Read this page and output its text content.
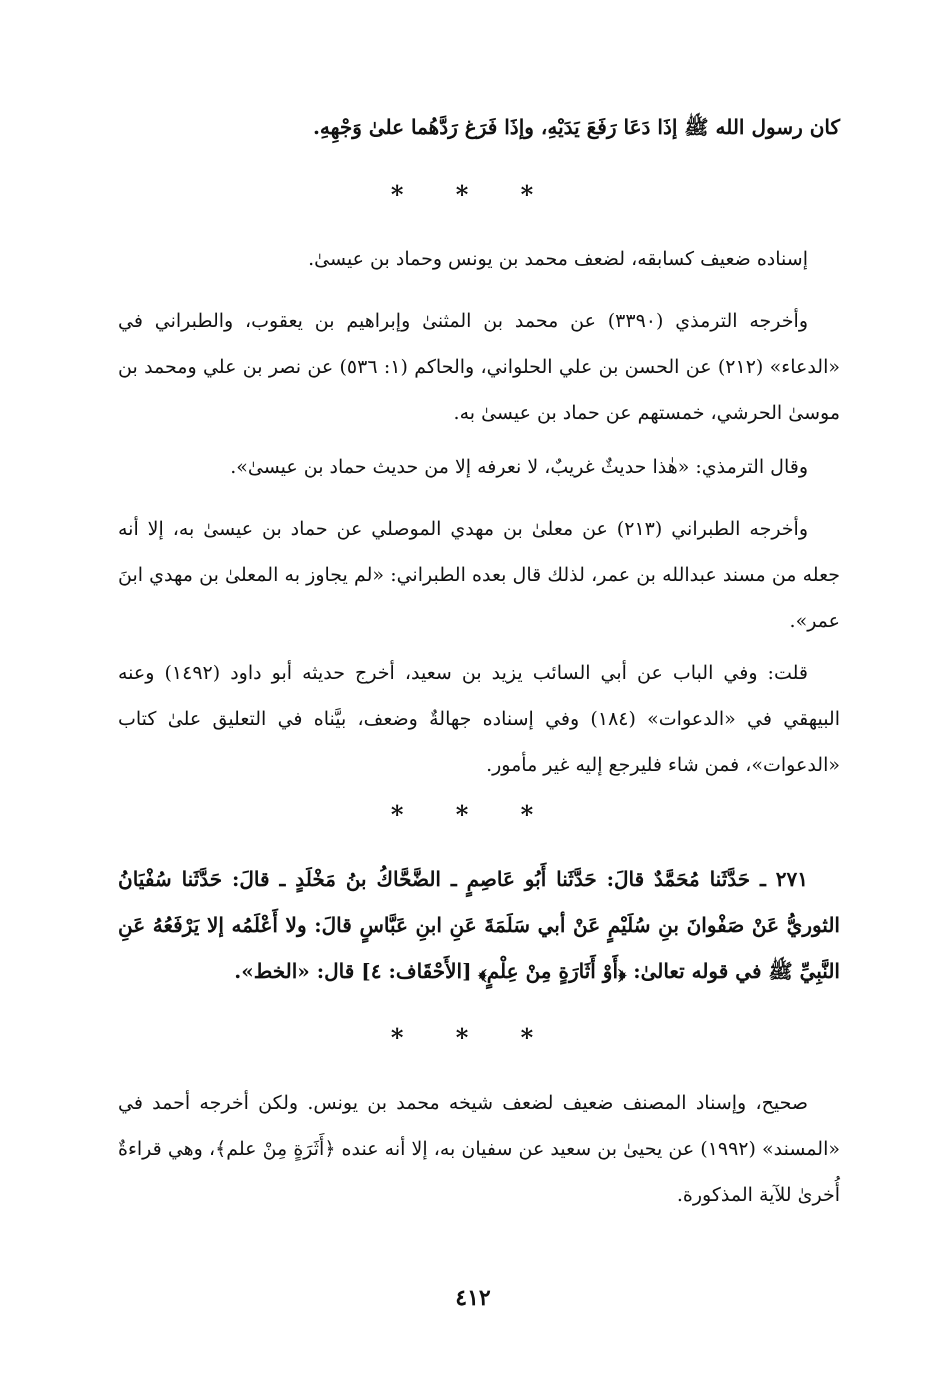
كان رسول الله ﷺ إذَا دَعَا رَفَعَ يَدَيْهِ، وإذَا فَرَغ رَدَّهُما علىٰ وَجْهِهِ.

* * *

إسناده ضعيف كسابقه، لضعف محمد بن يونس وحماد بن عيسىٰ.

وأخرجه الترمذي (٣٣٩٠) عن محمد بن المثنىٰ وإبراهيم بن يعقوب، والطبراني في «الدعاء» (٢١٢) عن الحسن بن علي الحلواني، والحاكم (١: ٥٣٦) عن نصر بن علي ومحمد بن موسىٰ الحرشي، خمستهم عن حماد بن عيسىٰ به.

وقال الترمذي: «هٰذا حديثٌ غريبٌ، لا نعرفه إلا من حديث حماد بن عيسىٰ».

وأخرجه الطبراني (٢١٣) عن معلىٰ بن مهدي الموصلي عن حماد بن عيسىٰ به، إلا أنه جعله من مسند عبدالله بن عمر، لذلك قال بعده الطبراني: «لم يجاوز به المعلىٰ بن مهدي ابنَ عمر».

قلت: وفي الباب عن أبي السائب يزيد بن سعيد، أخرج حديثه أبو داود (١٤٩٢) وعنه البيهقي في «الدعوات» (١٨٤) وفي إسناده جهالةٌ وضعف، بيَّناه في التعليق علىٰ كتاب «الدعوات»، فمن شاء فليرجع إليه غير مأمور.

* * *

٢٧١ ـ حَدَّثَنا مُحَمَّدٌ قالَ: حَدَّثَنا أَبُو عَاصِمٍ ـ الضَّحَّاكُ بنُ مَخْلَدٍ ـ قالَ: حَدَّثَنا سُفْيَانُ الثوريُّ عَنْ صَفْوانَ بنِ سُلَيْمٍ عَنْ أبي سَلَمَةَ عَنِ ابنِ عَبَّاسٍ قالَ: ولا أَعْلَمُه إلا يَرْفَعُهُ عَنِ النَّبِيِّ ﷺ في قوله تعالىٰ: ﴿أَوْ أَثَارَةٍ مِنْ عِلْمٍ﴾ [الأَحْقَاف: ٤] قال: «الخط».

* * *

صحيح، وإسناد المصنف ضعيف لضعف شيخه محمد بن يونس. ولكن أخرجه أحمد في «المسند» (١٩٩٢) عن يحيىٰ بن سعيد عن سفيان به، إلا أنه عنده ﴿أَثَرَةٍ مِنْ علم﴾، وهي قراءةٌ أُخرىٰ للآية المذكورة.

٤١٢
